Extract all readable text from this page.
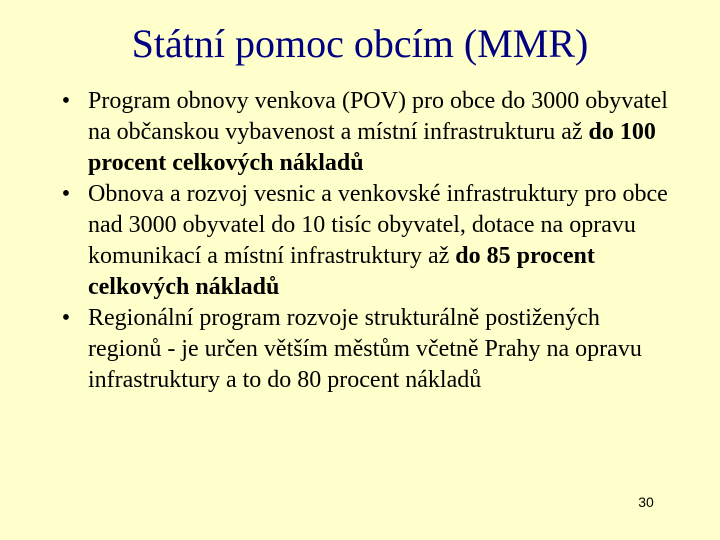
Státní pomoc obcím (MMR)
• Program obnovy venkova (POV) pro obce do 3000 obyvatel na občanskou vybavenost a místní infrastrukturu až do 100 procent celkových nákladů
• Obnova a rozvoj vesnic a venkovské infrastruktury pro obce nad 3000 obyvatel do 10 tisíc obyvatel, dotace na opravu komunikací a místní infrastruktury až do 85 procent celkových nákladů
• Regionální program rozvoje strukturálně postižených regionů - je určen větším městům včetně Prahy na opravu infrastruktury a to do 80 procent nákladů
30
